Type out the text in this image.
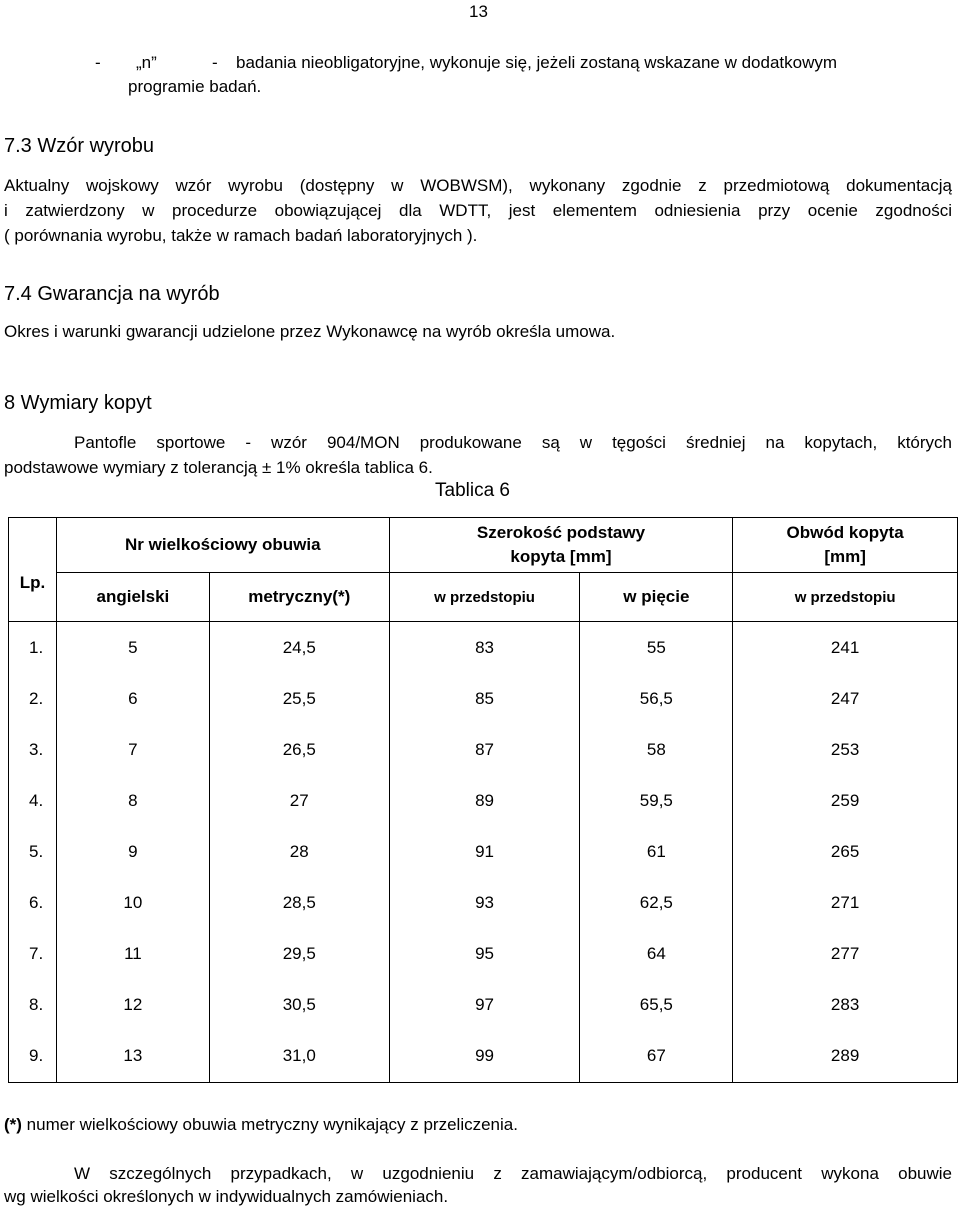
13
- „n”	- badania nieobligatoryjne, wykonuje się, jeżeli zostaną wskazane w dodatkowym
programie badań.
7.3 Wzór wyrobu
Aktualny wojskowy wzór wyrobu (dostępny w WOBWSM), wykonany zgodnie z przedmiotową dokumentacją
i zatwierdzony w procedurze obowiązującej dla WDTT, jest elementem odniesienia przy ocenie zgodności
( porównania wyrobu, także w ramach badań laboratoryjnych ).
7.4 Gwarancja na wyrób
Okres i warunki gwarancji udzielone przez Wykonawcę na wyrób określa umowa.
8 Wymiary kopyt
Pantofle sportowe - wzór 904/MON produkowane są w tęgości średniej na kopytach, których
podstawowe wymiary z tolerancją ± 1% określa tablica 6.
Tablica 6
Lp.	Nr wielkościowy obuwia		Szerokość podstawy
kopyta [mm]		Obwód kopyta
[mm]
	angielski	metryczny(*)	w przedstopiu	w pięcie	w przedstopiu
1.	5	24,5	83	55	241
2.	6	25,5	85	56,5	247
3.	7	26,5	87	58	253
4.	8	27	89	59,5	259
5.	9	28	91	61	265
6.	10	28,5	93	62,5	271
7.	11	29,5	95	64	277
8.	12	30,5	97	65,5	283
9.	13	31,0	99	67	289
(*) numer wielkościowy obuwia metryczny wynikający z przeliczenia.
W szczególnych przypadkach, w uzgodnieniu z zamawiającym/odbiorcą, producent wykona obuwie
wg wielkości określonych w indywidualnych zamówieniach.
